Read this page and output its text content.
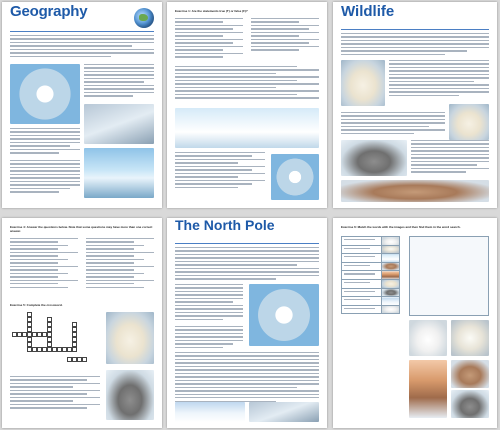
Geography	Exercise 1: Are the statements true (T) or false (F)?	Wildlife
Exercise 4: Answer the questions below. Note that some questions may have more than one correct answer.
Exercise 5: Complete the crossword.
The North Pole	Exercise 6: Match the words with the images and then find them in the word search.
